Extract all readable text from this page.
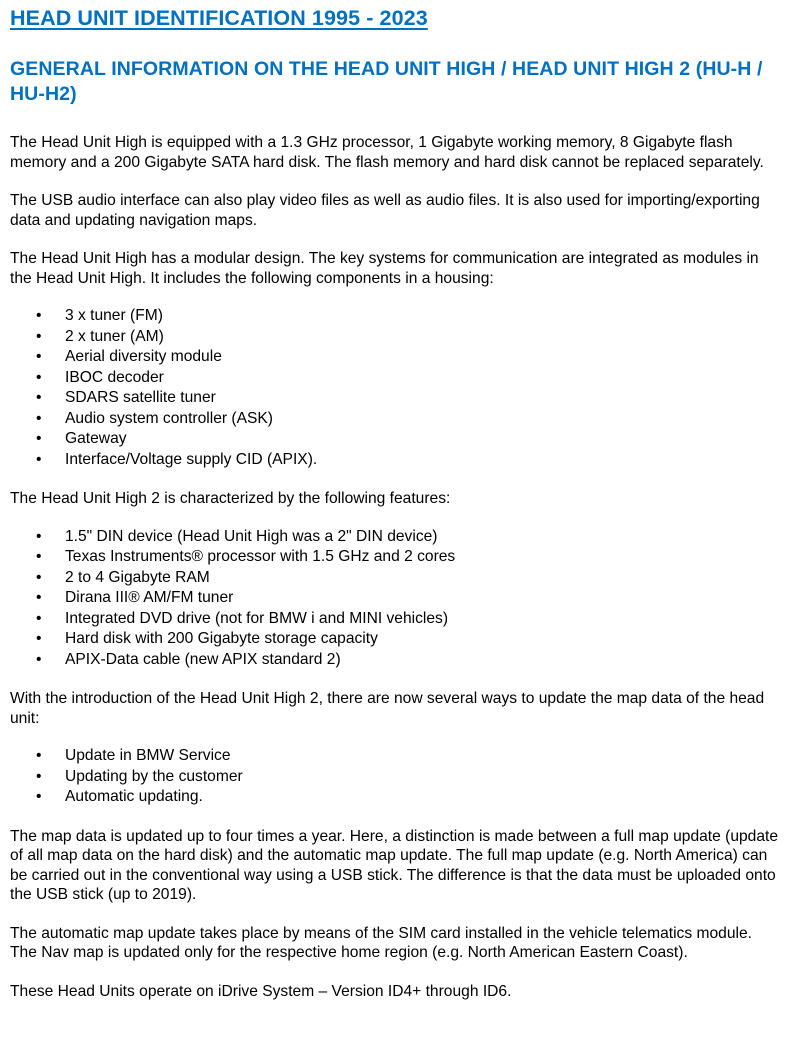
HEAD UNIT IDENTIFICATION 1995 - 2023
GENERAL INFORMATION ON THE HEAD UNIT HIGH / HEAD UNIT HIGH 2 (HU-H / HU-H2)

The Head Unit High is equipped with a 1.3 GHz processor, 1 Gigabyte working memory, 8 Gigabyte flash memory and a 200 Gigabyte SATA hard disk. The flash memory and hard disk cannot be replaced separately.

The USB audio interface can also play video files as well as audio files. It is also used for importing/exporting data and updating navigation maps.

The Head Unit High has a modular design. The key systems for communication are integrated as modules in the Head Unit High. It includes the following components in a housing:

• 3 x tuner (FM)
• 2 x tuner (AM)
• Aerial diversity module
• IBOC decoder
• SDARS satellite tuner
• Audio system controller (ASK)
• Gateway
• Interface/Voltage supply CID (APIX).

The Head Unit High 2 is characterized by the following features:

• 1.5" DIN device (Head Unit High was a 2" DIN device)
• Texas Instruments® processor with 1.5 GHz and 2 cores
• 2 to 4 Gigabyte RAM
• Dirana III® AM/FM tuner
• Integrated DVD drive (not for BMW i and MINI vehicles)
• Hard disk with 200 Gigabyte storage capacity
• APIX-Data cable (new APIX standard 2)

With the introduction of the Head Unit High 2, there are now several ways to update the map data of the head unit:

• Update in BMW Service
• Updating by the customer
• Automatic updating.

The map data is updated up to four times a year. Here, a distinction is made between a full map update (update of all map data on the hard disk) and the automatic map update. The full map update (e.g. North America) can be carried out in the conventional way using a USB stick. The difference is that the data must be uploaded onto the USB stick (up to 2019).

The automatic map update takes place by means of the SIM card installed in the vehicle telematics module. The Nav map is updated only for the respective home region (e.g. North American Eastern Coast).

These Head Units operate on iDrive System – Version ID4+ through ID6.
